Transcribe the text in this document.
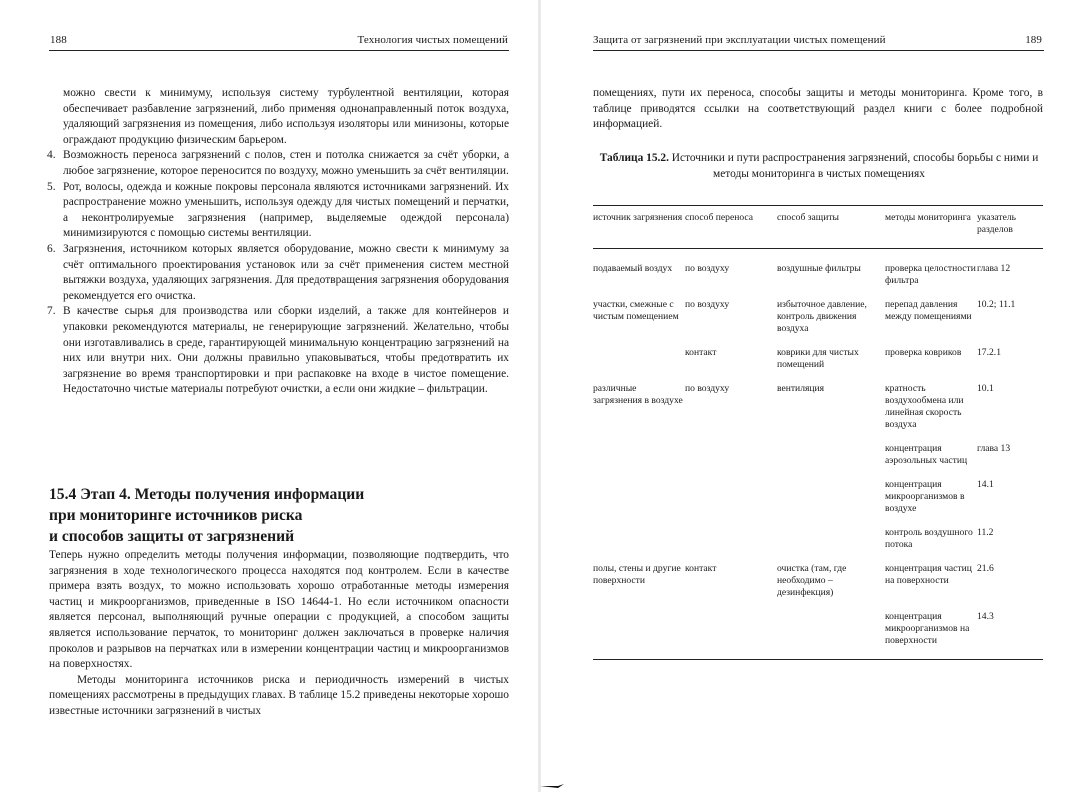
188	Технология чистых помещений

можно свести к минимуму, используя систему турбулентной вентиляции, которая обеспечивает разбавление загрязнений, либо применяя однонаправленный поток воздуха, удаляющий загрязнения из помещения, либо используя изоляторы или минизоны, которые ограждают продукцию физическим барьером.

4. Возможность переноса загрязнений с полов, стен и потолка снижается за счёт уборки, а любое загрязнение, которое переносится по воздуху, можно уменьшить за счёт вентиляции.
5. Рот, волосы, одежда и кожные покровы персонала являются источниками загрязнений. Их распространение можно уменьшить, используя одежду для чистых помещений и перчатки, а неконтролируемые загрязнения (например, выделяемые одеждой персонала) минимизируются с помощью системы вентиляции.
6. Загрязнения, источником которых является оборудование, можно свести к минимуму за счёт оптимального проектирования установок или за счёт применения систем местной вытяжки воздуха, удаляющих загрязнения. Для предотвращения загрязнения оборудования рекомендуется его очистка.
7. В качестве сырья для производства или сборки изделий, а также для контейнеров и упаковки рекомендуются материалы, не генерирующие загрязнений. Желательно, чтобы они изготавливались в среде, гарантирующей минимальную концентрацию загрязнений на них или внутри них. Они должны правильно упаковываться, чтобы предотвратить их загрязнение во время транспортировки и при распаковке на входе в чистое помещение. Недостаточно чистые материалы потребуют очистки, а если они жидкие – фильтрации.
15.4 Этап 4. Методы получения информации
при мониторинге источников риска
и способов защиты от загрязнений

Теперь нужно определить методы получения информации, позволяющие подтвердить, что загрязнения в ходе технологического процесса находятся под контролем. Если в качестве примера взять воздух, то можно использовать хорошо отработанные методы измерения частиц и микроорганизмов, приведенные в ISO 14644-1. Но если источником опасности является персонал, выполняющий ручные операции с продукцией, а способом защиты является использование перчаток, то мониторинг должен заключаться в проверке наличия проколов и разрывов на перчатках или в измерении концентрации частиц и микроорганизмов на поверхностях.

Методы мониторинга источников риска и периодичность измерений в чистых помещениях рассмотрены в предыдущих главах. В таблице 15.2 приведены некоторые хорошо известные источники загрязнений в чистых

Защита от загрязнений при эксплуатации чистых помещений	189

помещениях, пути их переноса, способы защиты и методы мониторинга. Кроме того, в таблице приводятся ссылки на соответствующий раздел книги с более подробной информацией.

Таблица 15.2. Источники и пути распространения загрязнений, способы борьбы с ними и методы мониторинга в чистых помещениях
источник загрязнения	способ переноса	способ защиты	методы мониторинга	указатель разделов
подаваемый воздух	по воздуху	воздушные фильтры	проверка целостности фильтра	глава 12
участки, смежные с чистым помещением	по воздуху	избыточное давление, контроль движения воздуха	перепад давления между помещениями	10.2; 11.1
	контакт	коврики для чистых помещений	проверка ковриков	17.2.1
различные загрязнения в воздухе	по воздуху	вентиляция	кратность воздухообмена или линейная скорость воздуха	10.1
			концентрация аэрозольных частиц	глава 13
			концентрация микроорганизмов в воздухе	14.1
			контроль воздушного потока	11.2
полы, стены и другие поверхности	контакт	очистка (там, где необходимо – дезинфекция)	концентрация частиц на поверхности	21.6
			концентрация микроорганизмов на поверхности	14.3
